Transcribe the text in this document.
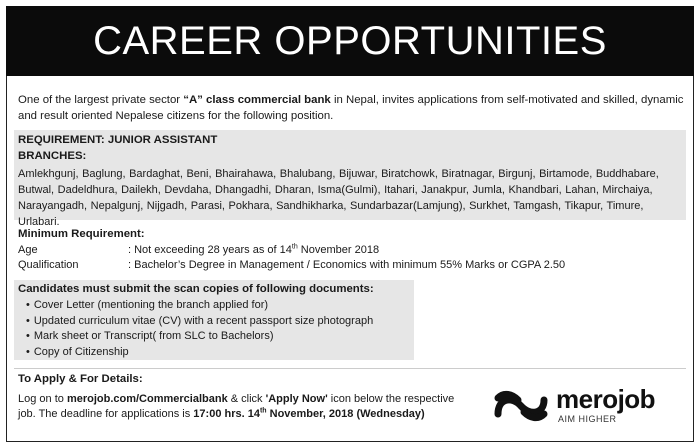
CAREER OPPORTUNITIES

One of the largest private sector “A” class commercial bank in Nepal, invites applications from self-motivated and skilled, dynamic and result oriented Nepalese citizens for the following position.

REQUIREMENT: JUNIOR ASSISTANT
BRANCHES:
Amlekhgunj, Baglung, Bardaghat, Beni, Bhairahawa, Bhalubang, Bijuwar, Biratchowk, Biratnagar, Birgunj, Birtamode, Buddhabare, Butwal, Dadeldhura, Dailekh, Devdaha, Dhangadhi, Dharan, Isma(Gulmi), Itahari, Janakpur, Jumla, Khandbari, Lahan, Mirchaiya, Narayangadh, Nepalgunj, Nijgadh, Parasi, Pokhara, Sandhikharka, Sundarbazar(Lamjung), Surkhet, Tamgash, Tikapur, Timure, Urlabari.
Minimum Requirement:
Age	: Not exceeding 28 years as of 14th November 2018
Qualification	: Bachelor’s Degree in Management / Economics with minimum 55% Marks or CGPA 2.50
Candidates must submit the scan copies of following documents:
• Cover Letter (mentioning the branch applied for)
• Updated curriculum vitae (CV) with a recent passport size photograph
• Mark sheet or Transcript( from SLC to Bachelors)
• Copy of Citizenship
To Apply & For Details:
Log on to merojob.com/Commercialbank & click 'Apply Now' icon below the respective
job. The deadline for applications is 17:00 hrs. 14th November, 2018 (Wednesday)	merojob
AIM HIGHER
